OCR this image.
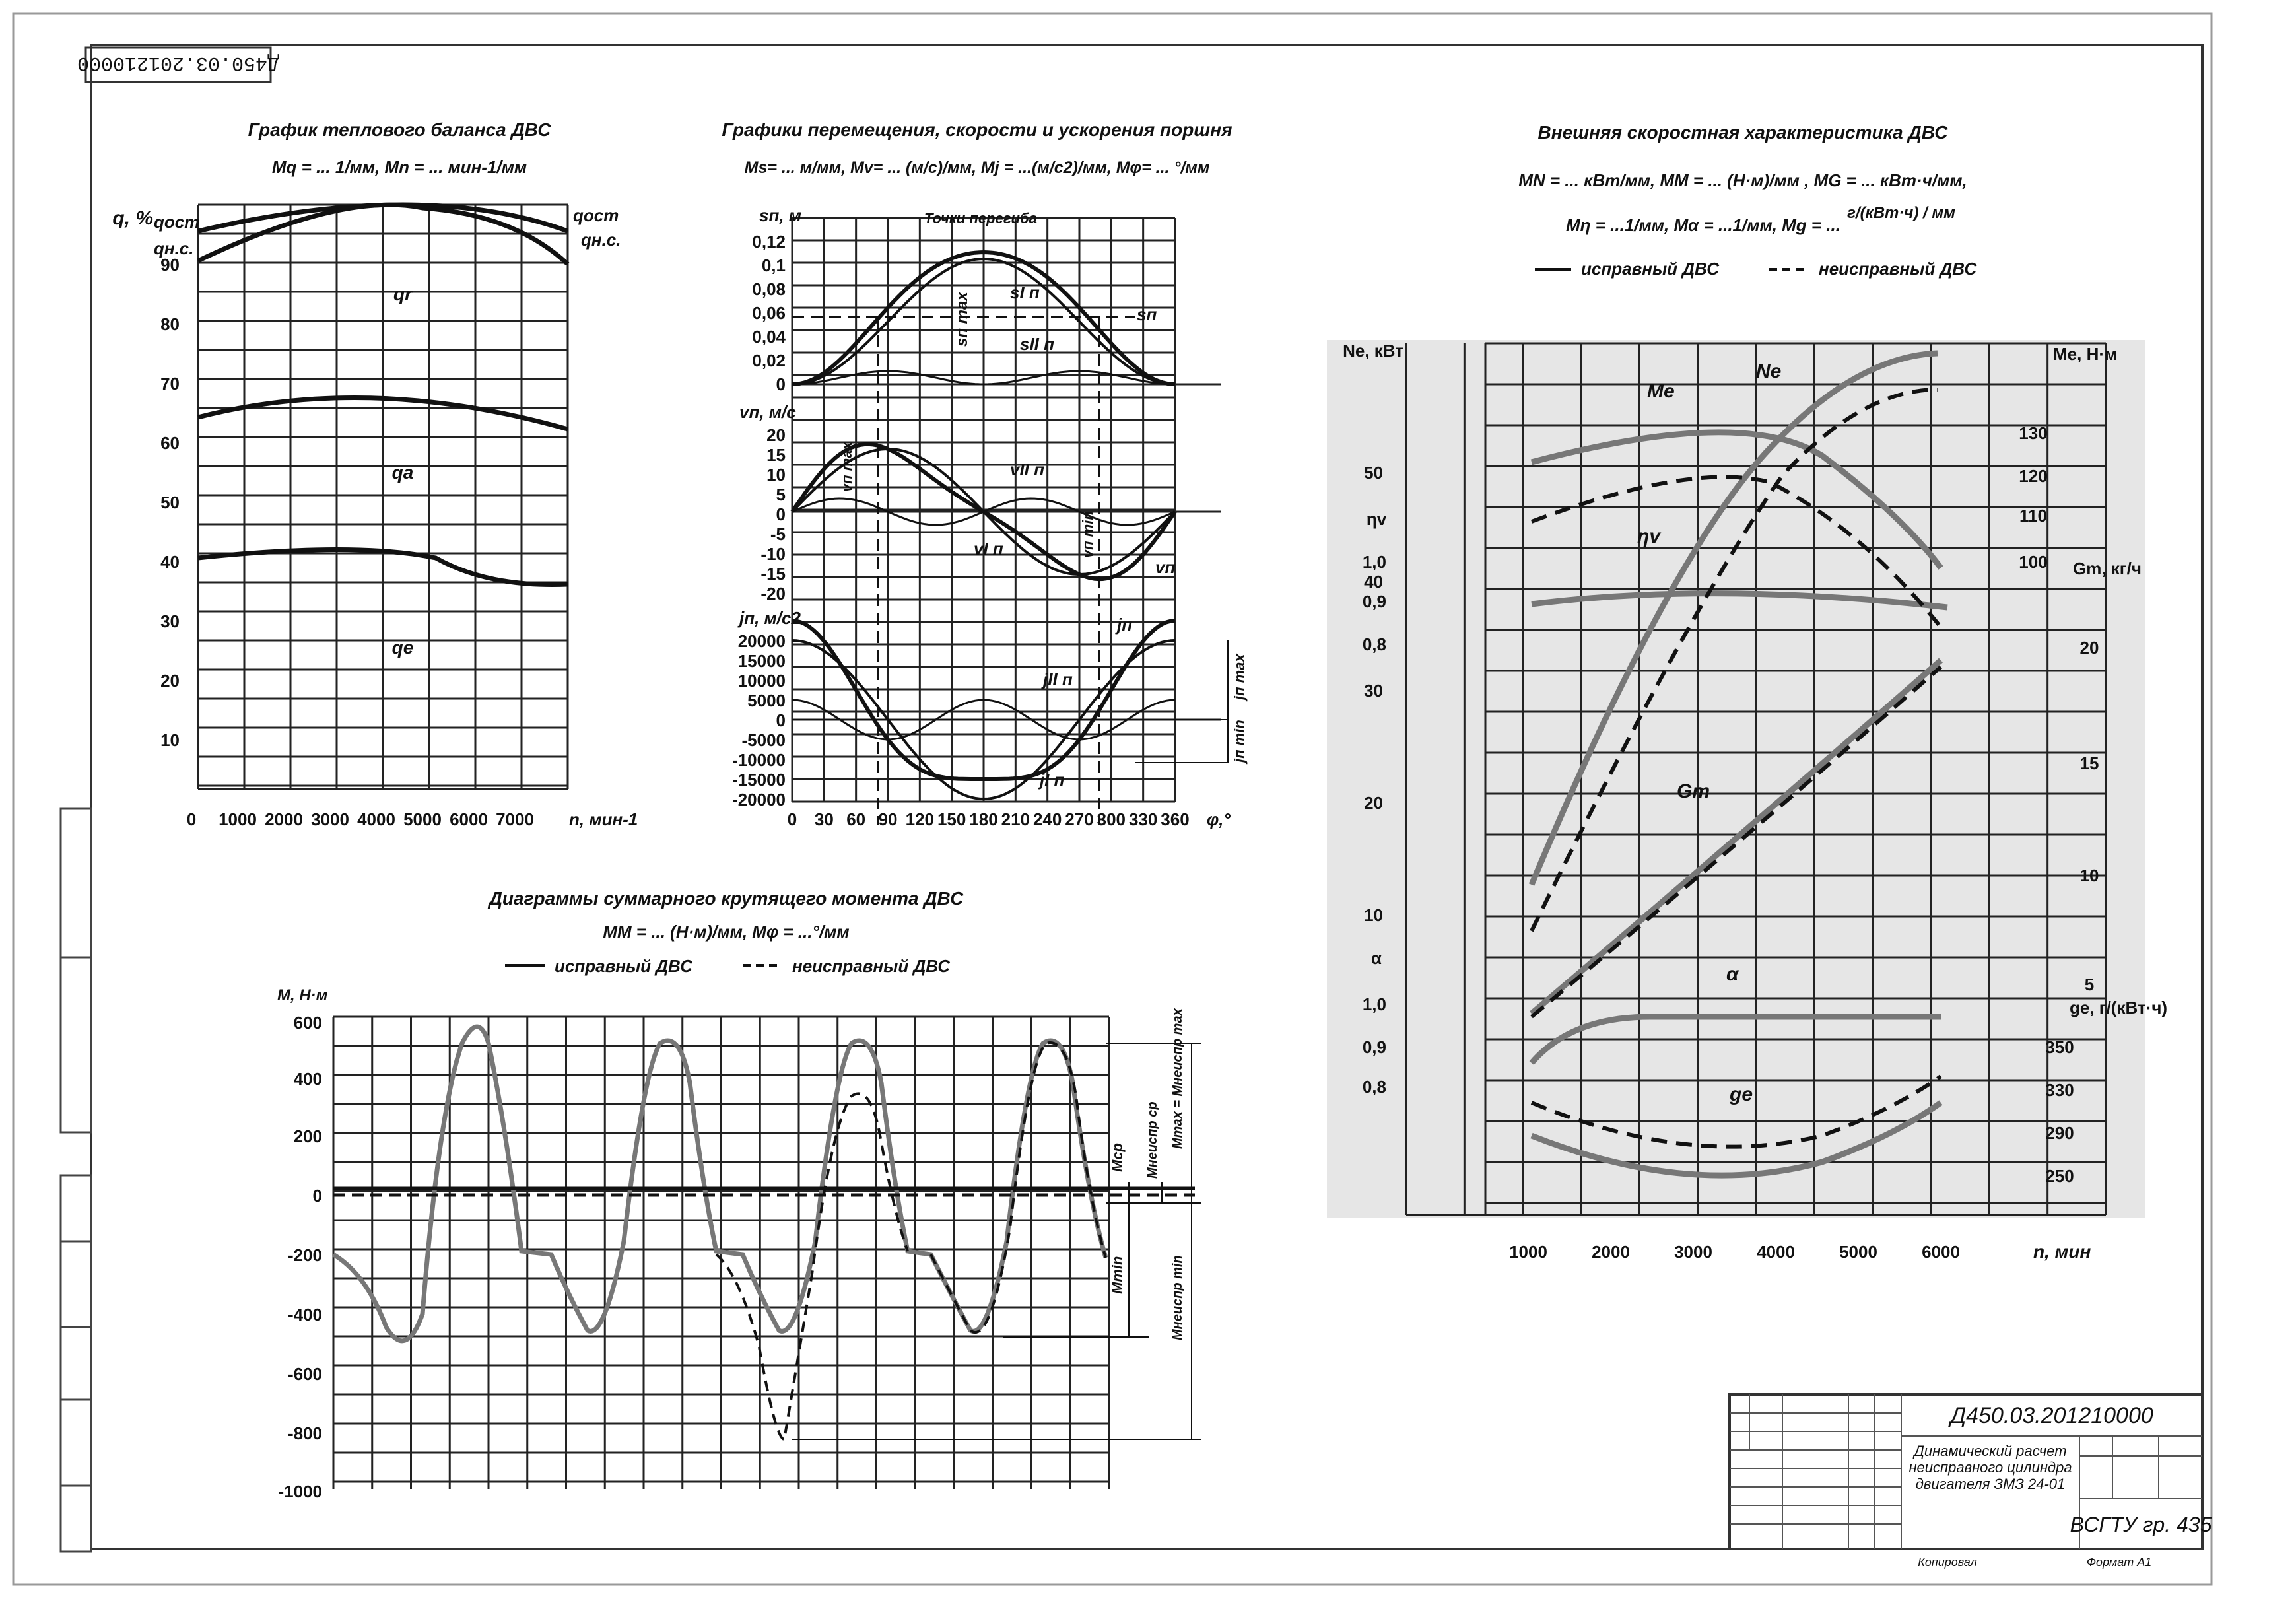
Д450.03.201210000
График теплового баланса ДВС
Mq = ... 1/мм, Mn = ... мин-1/мм
q, %
90
80
70
60
50
40
30
20
10
0 1000 2000 3000 4000 5000 6000 7000 n, мин-1
qr
qa
qe
qост
qн.с.
qост
qн.с.
Графики перемещения, скорости и ускорения поршня
Ms= ... м/мм, Mv= ... (м/с)/мм, Mj = ...(м/с2)/мм, Mφ= ... °/мм
sп, м
vп, м/с
jп, м/с2
0,12
0,1
0,08
0,06
0,04
0,02
0
20
15
10
5
0
-5
-10
-15
-20
20000
15000
10000
5000
0
-5000
-10000
-15000
-20000
0 30 60 90 120 150 180 210 240 270 300 330 360 φ,°
Точки перегиба
sI п
sп
sII п
sп max
vп max	vII п
vI п	vп min
vп
jп
jII п
jI п
jп max
jп min
Внешняя скоростная характеристика ДВС
MN = ... кВт/мм, MM = ... (Н·м)/мм , MG = ... кВт·ч/мм,
Mη = ...1/мм, Mα = ...1/мм, Mg = ...
г/(кВт·ч) / мм
исправный ДВС	неисправный ДВС
Ne, кВт
50
40
30
20
10
ηv
1,0
0,9
0,8
α
1,0
0,9
0,8
Me, Н·м
130
120
110
100 Gm, кг/ч
20
15
10
5
ge, г/(кВт·ч)
350
330
290
250
1000	2000	3000	4000	5000	6000	n, мин
Me
Ne
ηv
Gm
α
ge
Диаграммы суммарного крутящего момента ДВС
MM = ... (Н·м)/мм, Mφ = ...°/мм
исправный ДВС	неисправный ДВС
M, Н·м
600
400
200
0
-200
-400
-600
-800
-1000
Mср Mнеиспр ср Mmax = Mнеиспр max
Mmin	Mнеиспр min
Д450.03.201210000
Динамический расчет
неисправного цилиндра
двигателя ЗМЗ 24-01
ВСГТУ гр. 435
Копировал	Формат А1
